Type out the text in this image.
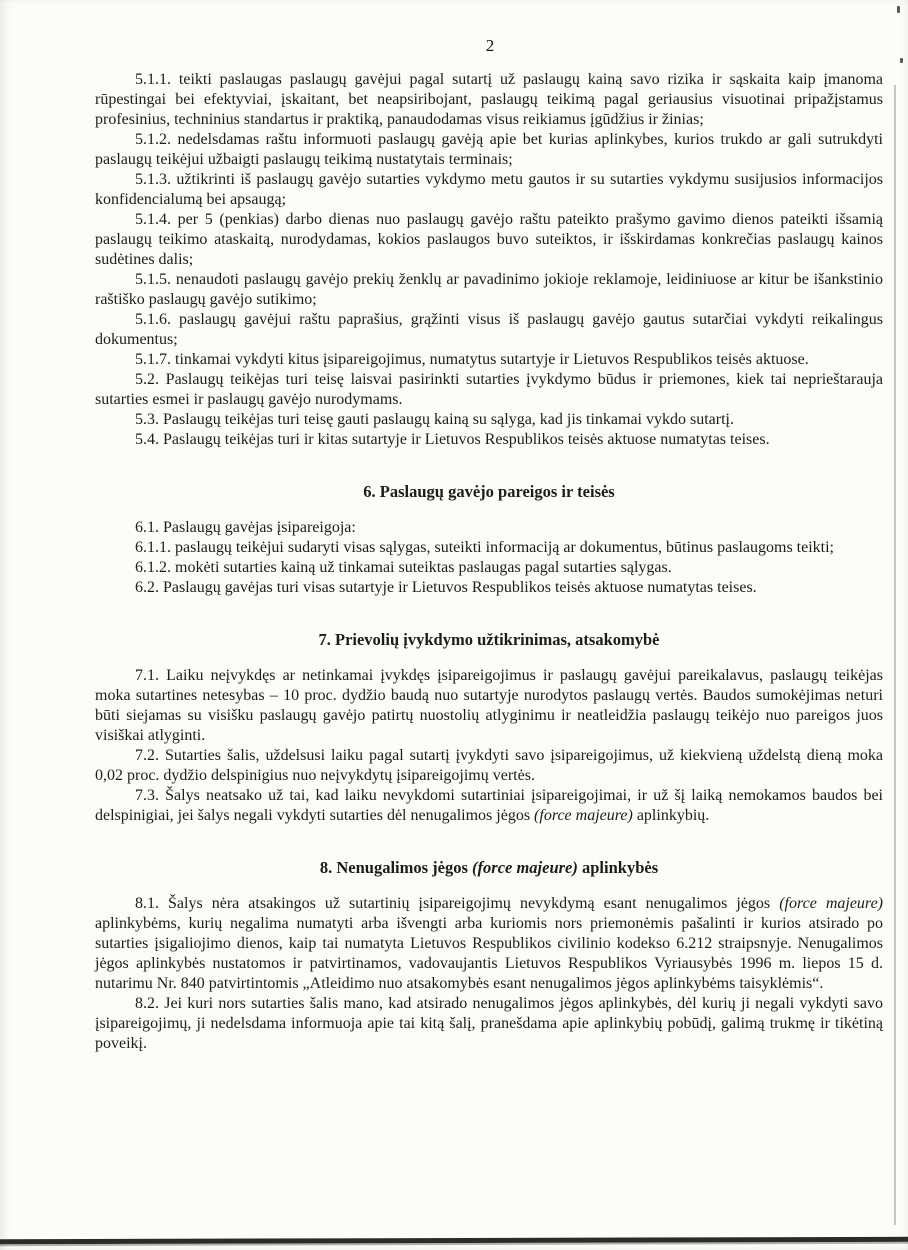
2

5.1.1. teikti paslaugas paslaugų gavėjui pagal sutartį už paslaugų kainą savo rizika ir sąskaita kaip įmanoma rūpestingai bei efektyviai, įskaitant, bet neapsiribojant, paslaugų teikimą pagal geriausius visuotinai pripažįstamus profesinius, techninius standartus ir praktiką, panaudodamas visus reikiamus įgūdžius ir žinias;

5.1.2. nedelsdamas raštu informuoti paslaugų gavėją apie bet kurias aplinkybes, kurios trukdo ar gali sutrukdyti paslaugų teikėjui užbaigti paslaugų teikimą nustatytais terminais;

5.1.3. užtikrinti iš paslaugų gavėjo sutarties vykdymo metu gautos ir su sutarties vykdymu susijusios informacijos konfidencialumą bei apsaugą;

5.1.4. per 5 (penkias) darbo dienas nuo paslaugų gavėjo raštu pateikto prašymo gavimo dienos pateikti išsamią paslaugų teikimo ataskaitą, nurodydamas, kokios paslaugos buvo suteiktos, ir išskirdamas konkrečias paslaugų kainos sudėtines dalis;

5.1.5. nenaudoti paslaugų gavėjo prekių ženklų ar pavadinimo jokioje reklamoje, leidiniuose ar kitur be išankstinio raštiško paslaugų gavėjo sutikimo;

5.1.6. paslaugų gavėjui raštu paprašius, grąžinti visus iš paslaugų gavėjo gautus sutarčiai vykdyti reikalingus dokumentus;

5.1.7. tinkamai vykdyti kitus įsipareigojimus, numatytus sutartyje ir Lietuvos Respublikos teisės aktuose.

5.2. Paslaugų teikėjas turi teisę laisvai pasirinkti sutarties įvykdymo būdus ir priemones, kiek tai neprieštarauja sutarties esmei ir paslaugų gavėjo nurodymams.

5.3. Paslaugų teikėjas turi teisę gauti paslaugų kainą su sąlyga, kad jis tinkamai vykdo sutartį.

5.4. Paslaugų teikėjas turi ir kitas sutartyje ir Lietuvos Respublikos teisės aktuose numatytas teises.

6. Paslaugų gavėjo pareigos ir teisės

6.1. Paslaugų gavėjas įsipareigoja:

6.1.1. paslaugų teikėjui sudaryti visas sąlygas, suteikti informaciją ar dokumentus, būtinus paslaugoms teikti;

6.1.2. mokėti sutarties kainą už tinkamai suteiktas paslaugas pagal sutarties sąlygas.

6.2. Paslaugų gavėjas turi visas sutartyje ir Lietuvos Respublikos teisės aktuose numatytas teises.

7. Prievolių įvykdymo užtikrinimas, atsakomybė

7.1. Laiku neįvykdęs ar netinkamai įvykdęs įsipareigojimus ir paslaugų gavėjui pareikalavus, paslaugų teikėjas moka sutartines netesybas – 10 proc. dydžio baudą nuo sutartyje nurodytos paslaugų vertės. Baudos sumokėjimas neturi būti siejamas su visišku paslaugų gavėjo patirtų nuostolių atlyginimu ir neatleidžia paslaugų teikėjo nuo pareigos juos visiškai atlyginti.

7.2. Sutarties šalis, uždelsusi laiku pagal sutartį įvykdyti savo įsipareigojimus, už kiekvieną uždelstą dieną moka 0,02 proc. dydžio delspinigius nuo neįvykdytų įsipareigojimų vertės.

7.3. Šalys neatsako už tai, kad laiku nevykdomi sutartiniai įsipareigojimai, ir už šį laiką nemokamos baudos bei delspinigiai, jei šalys negali vykdyti sutarties dėl nenugalimos jėgos (force majeure) aplinkybių.

8. Nenugalimos jėgos (force majeure) aplinkybės

8.1. Šalys nėra atsakingos už sutartinių įsipareigojimų nevykdymą esant nenugalimos jėgos (force majeure) aplinkybėms, kurių negalima numatyti arba išvengti arba kuriomis nors priemonėmis pašalinti ir kurios atsirado po sutarties įsigaliojimo dienos, kaip tai numatyta Lietuvos Respublikos civilinio kodekso 6.212 straipsnyje. Nenugalimos jėgos aplinkybės nustatomos ir patvirtinamos, vadovaujantis Lietuvos Respublikos Vyriausybės 1996 m. liepos 15 d. nutarimu Nr. 840 patvirtintomis „Atleidimo nuo atsakomybės esant nenugalimos jėgos aplinkybėms taisyklėmis“.

8.2. Jei kuri nors sutarties šalis mano, kad atsirado nenugalimos jėgos aplinkybės, dėl kurių ji negali vykdyti savo įsipareigojimų, ji nedelsdama informuoja apie tai kitą šalį, pranešdama apie aplinkybių pobūdį, galimą trukmę ir tikėtiną poveikį.
